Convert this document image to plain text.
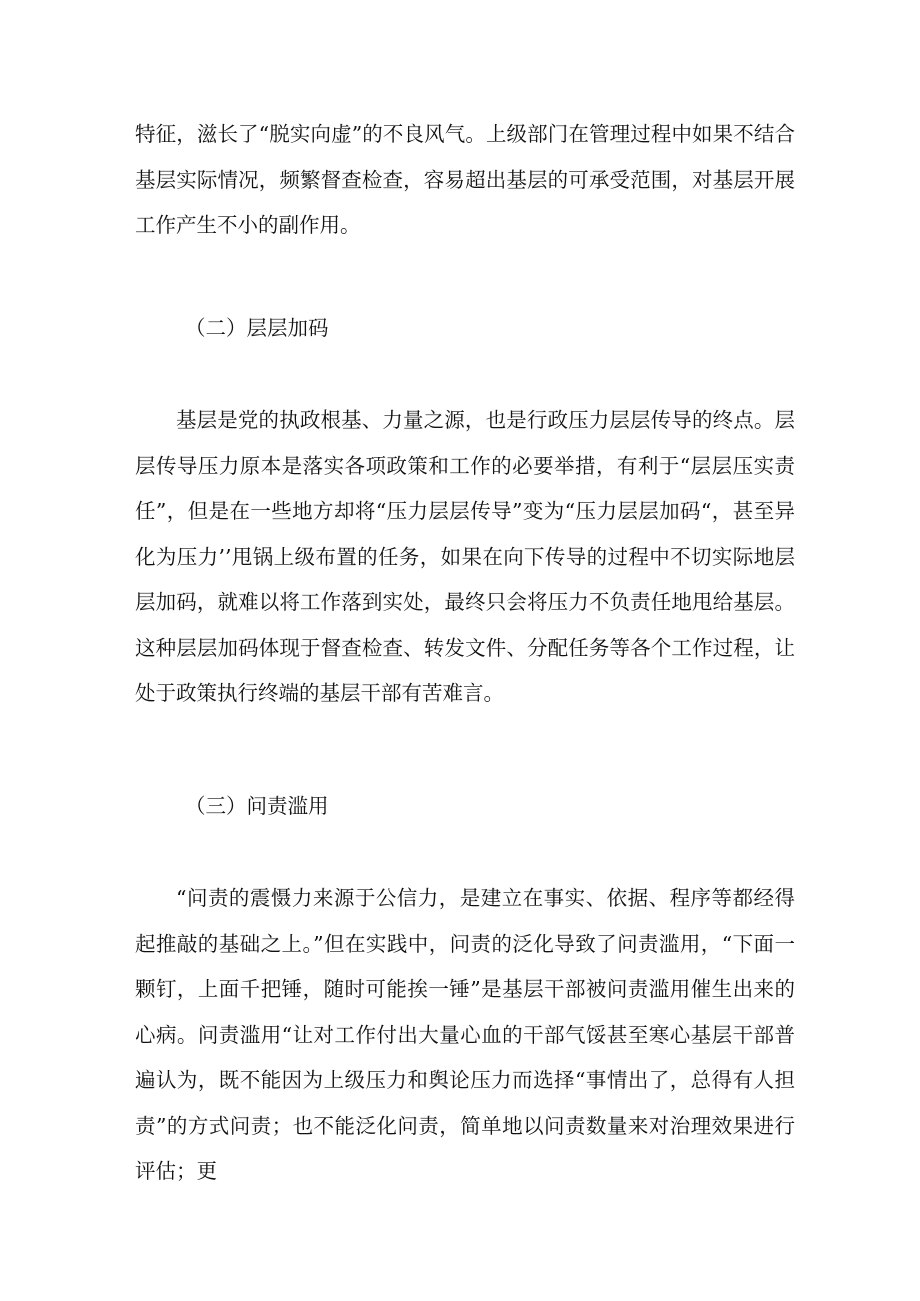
特征，滋长了“脱实向虚”的不良风气。上级部门在管理过程中如果不结合基层实际情况，频繁督查检查，容易超出基层的可承受范围，对基层开展工作产生不小的副作用。

（二）层层加码

基层是党的执政根基、力量之源，也是行政压力层层传导的终点。层层传导压力原本是落实各项政策和工作的必要举措，有利于“层层压实责任”，但是在一些地方却将“压力层层传导”变为“压力层层加码“，甚至异化为压力’’甩锅上级布置的任务，如果在向下传导的过程中不切实际地层层加码，就难以将工作落到实处，最终只会将压力不负责任地甩给基层。这种层层加码体现于督查检查、转发文件、分配任务等各个工作过程，让处于政策执行终端的基层干部有苦难言。

（三）问责滥用

“问责的震慑力来源于公信力，是建立在事实、依据、程序等都经得起推敲的基础之上。”但在实践中，问责的泛化导致了问责滥用，“下面一颗钉，上面千把锤，随时可能挨一锤”是基层干部被问责滥用催生出来的心病。问责滥用“让对工作付出大量心血的干部气馁甚至寒心基层干部普遍认为，既不能因为上级压力和舆论压力而选择“事情出了，总得有人担责”的方式问责；也不能泛化问责，简单地以问责数量来对治理效果进行评估；更
